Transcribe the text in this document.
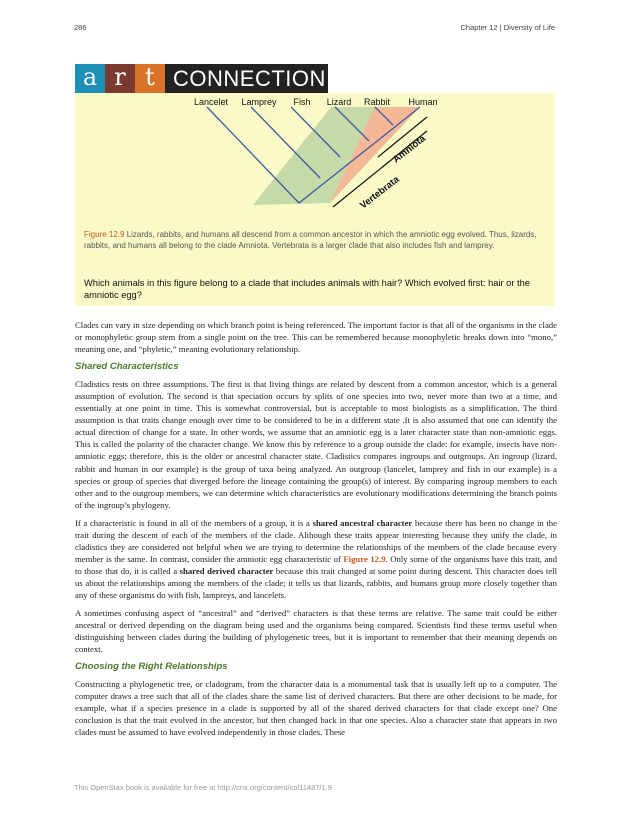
286	Chapter 12 | Diversity of Life
a r t CONNECTION
Amniota
Vertebrata
Lancelet Lamprey Fish Lizard Rabbit Human

Figure 12.9 Lizards, rabbits, and humans all descend from a common ancestor in which the amniotic egg evolved. Thus, lizards, rabbits, and humans all belong to the clade Amniota. Vertebrata is a larger clade that also includes fish and lamprey.

Which animals in this figure belong to a clade that includes animals with hair? Which evolved first: hair or the amniotic egg?

Clades can vary in size depending on which branch point is being referenced. The important factor is that all of the organisms in the clade or monophyletic group stem from a single point on the tree. This can be remembered because monophyletic breaks down into “mono,” meaning one, and “phyletic,” meaning evolutionary relationship.

Shared Characteristics

Cladistics rests on three assumptions. The first is that living things are related by descent from a common ancestor, which is a general assumption of evolution. The second is that speciation occurs by splits of one species into two, never more than two at a time, and essentially at one point in time. This is somewhat controversial, but is acceptable to most biologists as a simplification. The third assumption is that traits change enough over time to be considered to be in a different state .It is also assumed that one can identify the actual direction of change for a state. In other words, we assume that an amniotic egg is a later character state than non-amniotic eggs. This is called the polarity of the character change. We know this by reference to a group outside the clade: for example, insects have non-amniotic eggs; therefore, this is the older or ancestral character state. Cladistics compares ingroups and outgroups. An ingroup (lizard, rabbit and human in our example) is the group of taxa being analyzed. An outgroup (lancelet, lamprey and fish in our example) is a species or group of species that diverged before the lineage containing the group(s) of interest. By comparing ingroup members to each other and to the outgroup members, we can determine which characteristics are evolutionary modifications determining the branch points of the ingroup’s phylogeny.

If a characteristic is found in all of the members of a group, it is a shared ancestral character because there has been no change in the trait during the descent of each of the members of the clade. Although these traits appear interesting because they unify the clade, in cladistics they are considered not helpful when we are trying to determine the relationships of the members of the clade because every member is the same. In contrast, consider the amniotic egg characteristic of Figure 12.9. Only some of the organisms have this trait, and to those that do, it is called a shared derived character because this trait changed at some point during descent. This character does tell us about the relationships among the members of the clade; it tells us that lizards, rabbits, and humans group more closely together than any of these organisms do with fish, lampreys, and lancelets.

A sometimes confusing aspect of “ancestral” and “derived” characters is that these terms are relative. The same trait could be either ancestral or derived depending on the diagram being used and the organisms being compared. Scientists find these terms useful when distinguishing between clades during the building of phylogenetic trees, but it is important to remember that their meaning depends on context.

Choosing the Right Relationships

Constructing a phylogenetic tree, or cladogram, from the character data is a monumental task that is usually left up to a computer. The computer draws a tree such that all of the clades share the same list of derived characters. But there are other decisions to be made, for example, what if a species presence in a clade is supported by all of the shared derived characters for that clade except one? One conclusion is that the trait evolved in the ancestor, but then changed back in that one species. Also a character state that appears in two clades must be assumed to have evolved independently in those clades. These

This OpenStax book is available for free at http://cnx.org/content/col11487/1.9
